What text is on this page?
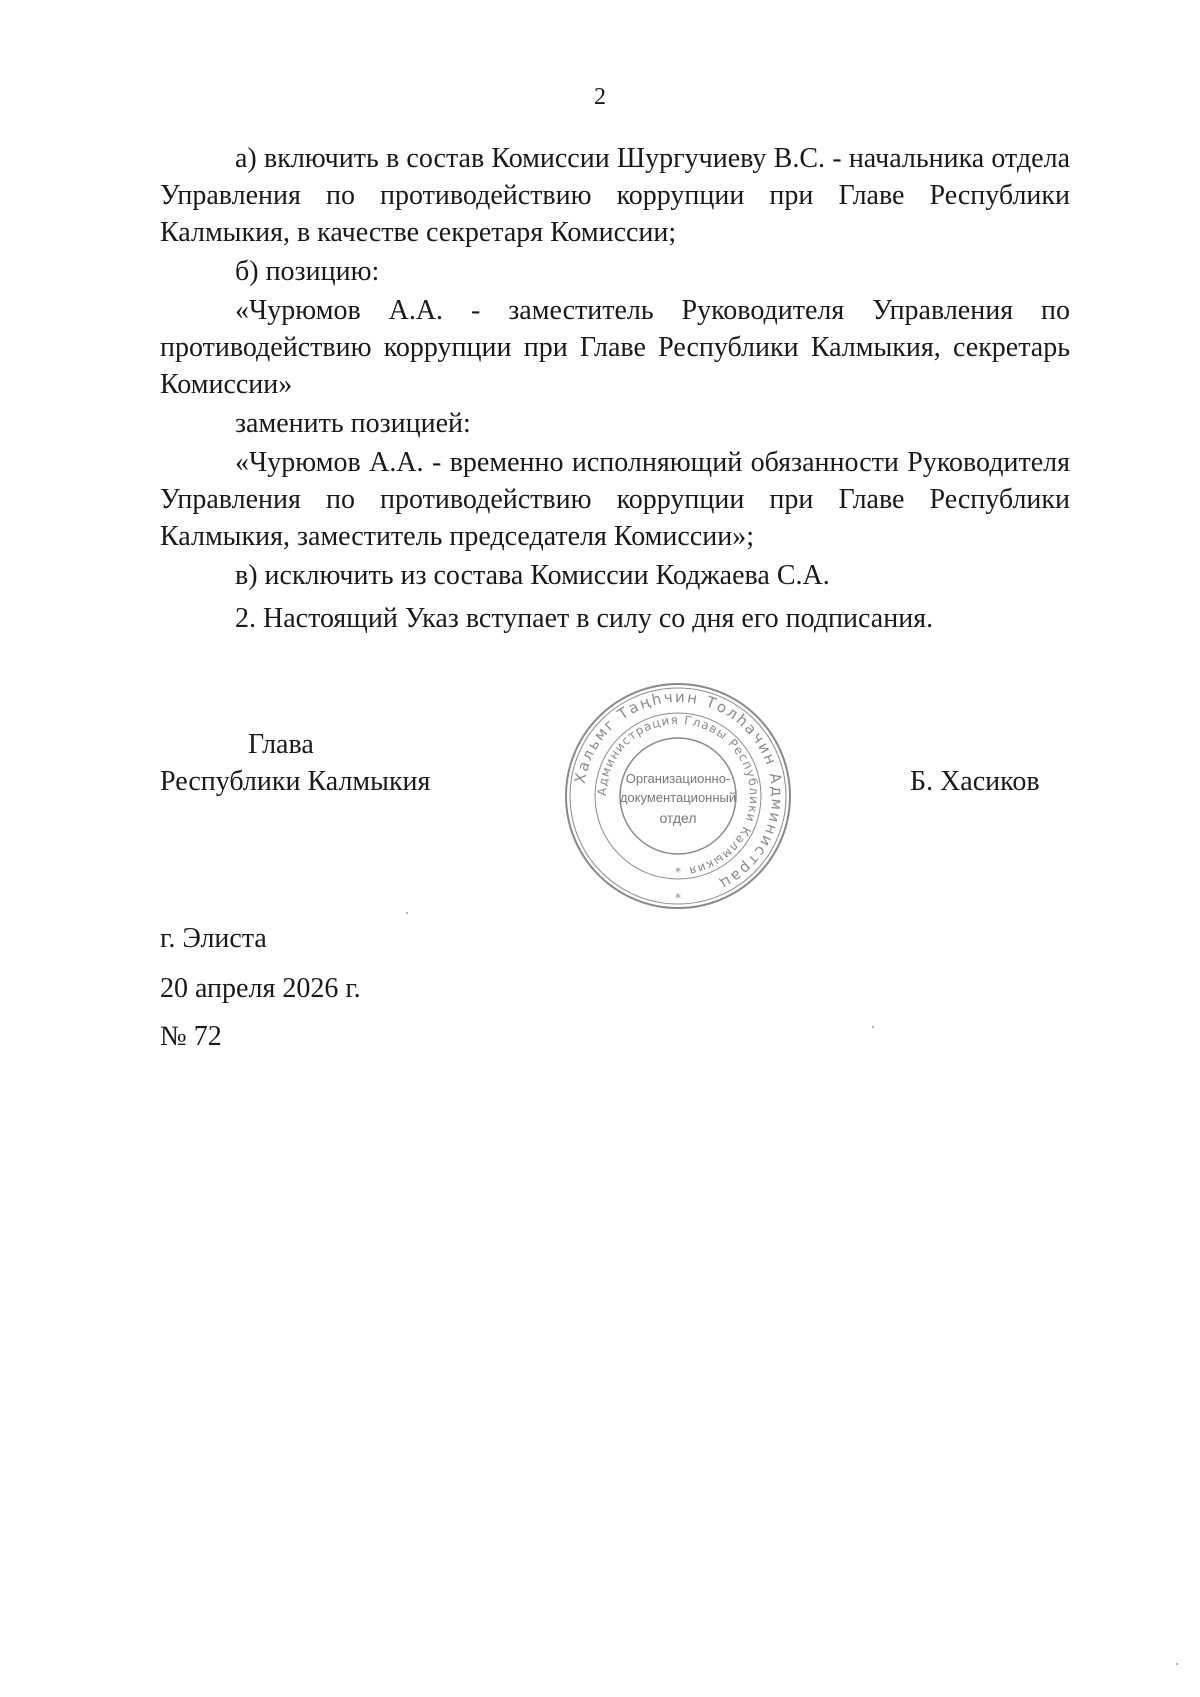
2

а) включить в состав Комиссии Шургучиеву В.С. - начальника отдела Управления по противодействию коррупции при Главе Республики Калмыкия, в качестве секретаря Комиссии;

б) позицию:

«Чурюмов А.А. - заместитель Руководителя Управления по противодействию коррупции при Главе Республики Калмыкия, секретарь Комиссии»

заменить позицией:

«Чурюмов А.А. - временно исполняющий обязанности Руководителя Управления по противодействию коррупции при Главе Республики Калмыкия, заместитель председателя Комиссии»;

в) исключить из состава Комиссии Коджаева С.А.

2. Настоящий Указ вступает в силу со дня его подписания.

Глава
Республики Калмыкия	Хальмг Таңһчин Толһачин Администрац
Администрация Главы Республики Калмыкия
Организационно-
документационный
отдел
*
*
Б. Хасиков
г. Элиста
20 апреля 2026 г.
№ 72
